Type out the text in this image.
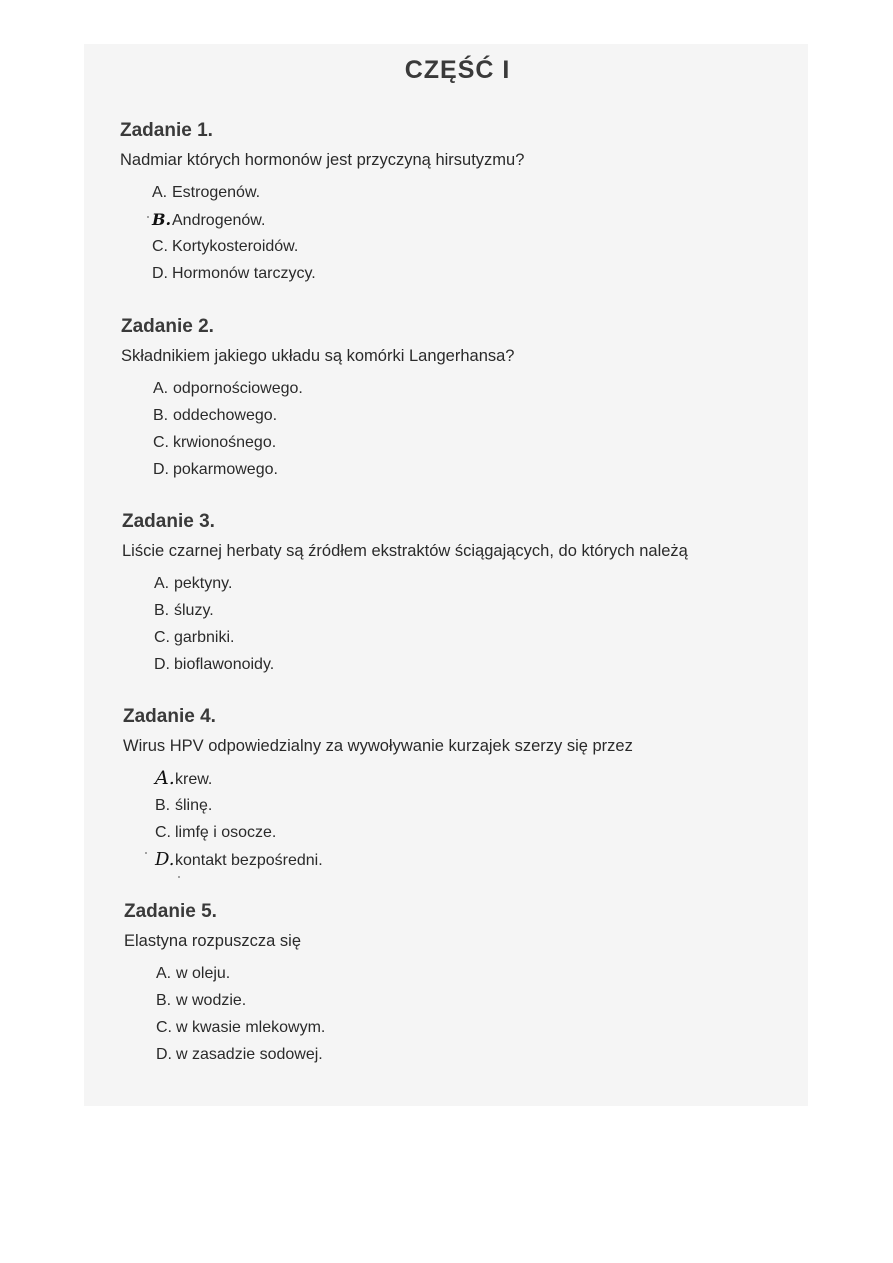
CZĘŚĆ I
Zadanie 1.

Nadmiar których hormonów jest przyczyną hirsutyzmu?

A. Estrogenów.
B.Androgenów.
C. Kortykosteroidów.
D. Hormonów tarczycy.
Zadanie 2.

Składnikiem jakiego układu są komórki Langerhansa?

A. odpornościowego.
B. oddechowego.
C. krwionośnego.
D. pokarmowego.
Zadanie 3.

Liście czarnej herbaty są źródłem ekstraktów ściągających, do których należą

A. pektyny.
B. śluzy.
C. garbniki.
D. bioflawonoidy.
Zadanie 4.

Wirus HPV odpowiedzialny za wywoływanie kurzajek szerzy się przez

A.krew.
B. ślinę.
C. limfę i osocze.
D.kontakt bezpośredni.
Zadanie 5.

Elastyna rozpuszcza się

A. w oleju.
B. w wodzie.
C. w kwasie mlekowym.
D. w zasadzie sodowej.
